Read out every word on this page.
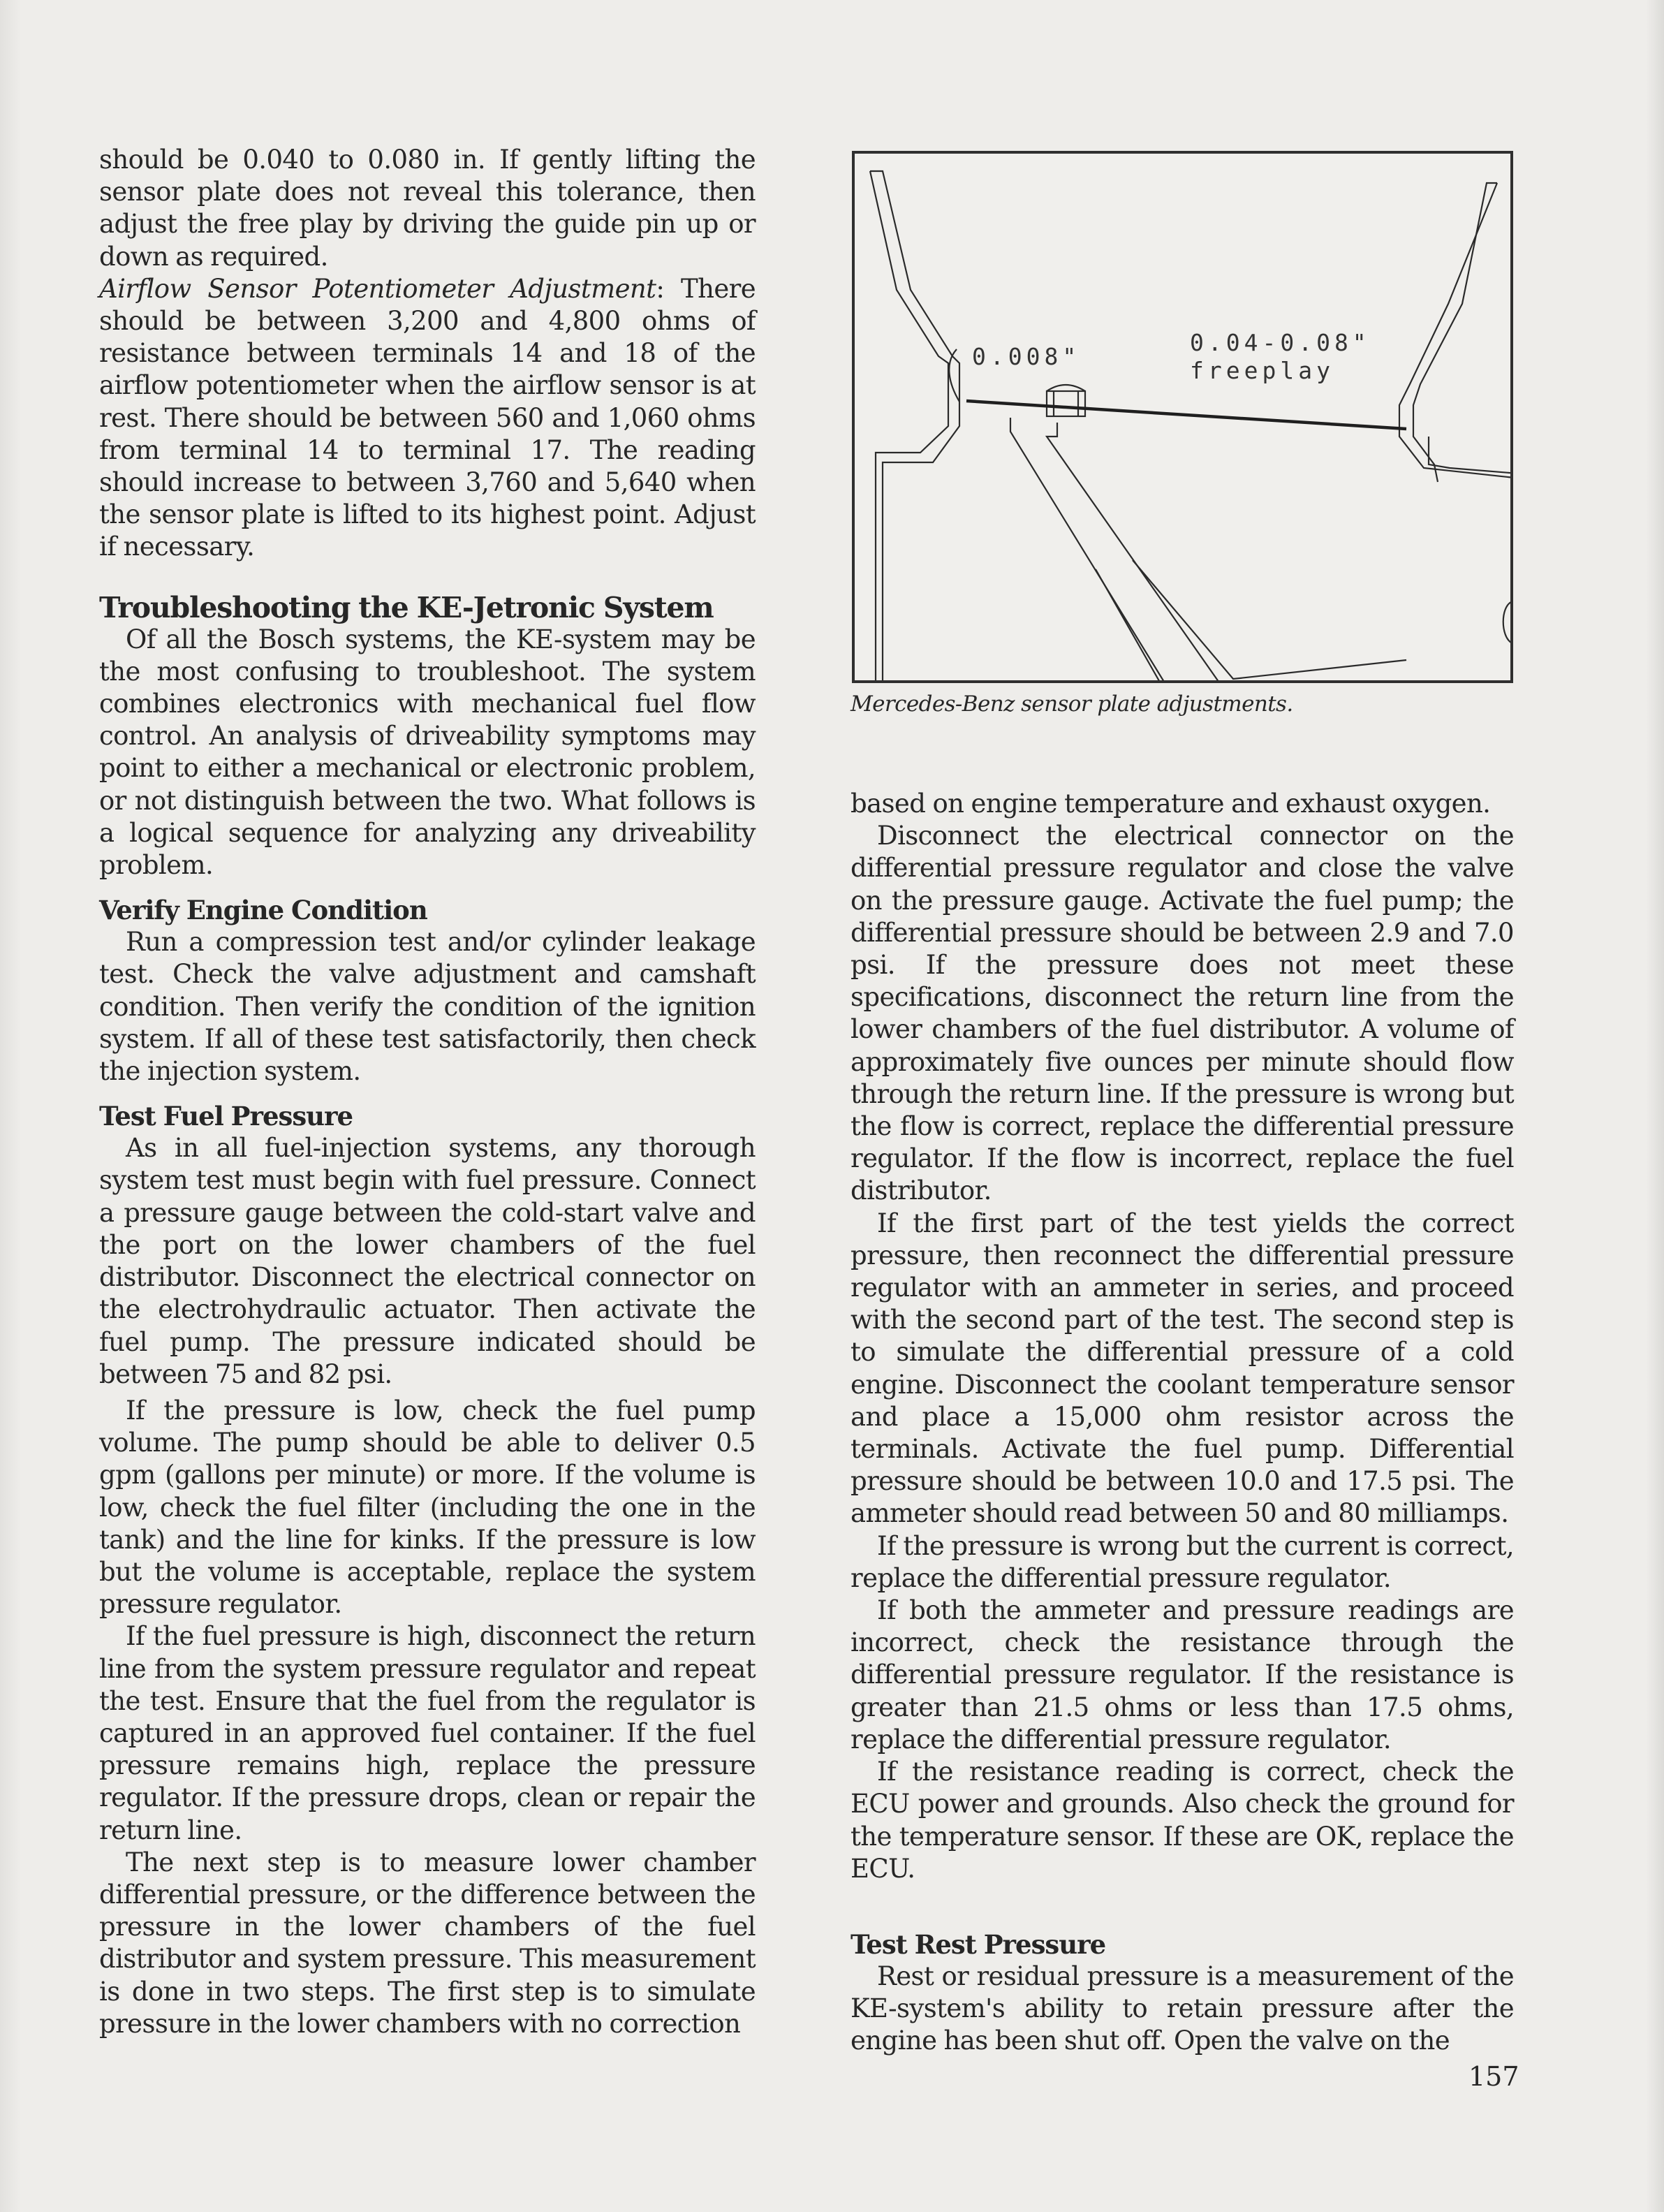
should be 0.040 to 0.080 in. If gently lifting the sensor plate does not reveal this tolerance, then adjust the free play by driving the guide pin up or down as required.

Airflow Sensor Potentiometer Adjustment: There should be between 3,200 and 4,800 ohms of resistance between terminals 14 and 18 of the airflow potentiometer when the airflow sensor is at rest. There should be between 560 and 1,060 ohms from terminal 14 to terminal 17. The reading should increase to between 3,760 and 5,640 when the sensor plate is lifted to its highest point. Adjust if necessary.

Troubleshooting the KE-Jetronic System

Of all the Bosch systems, the KE-system may be the most confusing to troubleshoot. The system combines electronics with mechanical fuel flow control. An analysis of driveability symptoms may point to either a mechanical or electronic problem, or not distinguish between the two. What follows is a logical sequence for analyzing any driveability problem.

Verify Engine Condition

Run a compression test and/or cylinder leakage test. Check the valve adjustment and camshaft condition. Then verify the condition of the ignition system. If all of these test satisfactorily, then check the injection system.

Test Fuel Pressure

As in all fuel-injection systems, any thorough system test must begin with fuel pressure. Connect a pressure gauge between the cold-start valve and the port on the lower chambers of the fuel distributor. Disconnect the electrical connector on the electrohydraulic actuator. Then activate the fuel pump. The pressure indicated should be between 75 and 82 psi.

If the pressure is low, check the fuel pump volume. The pump should be able to deliver 0.5 gpm (gallons per minute) or more. If the volume is low, check the fuel filter (including the one in the tank) and the line for kinks. If the pressure is low but the volume is acceptable, replace the system pressure regulator.

If the fuel pressure is high, disconnect the return line from the system pressure regulator and repeat the test. Ensure that the fuel from the regulator is captured in an approved fuel container. If the fuel pressure remains high, replace the pressure regulator. If the pressure drops, clean or repair the return line.

The next step is to measure lower chamber differential pressure, or the difference between the pressure in the lower chambers of the fuel distributor and system pressure. This measurement is done in two steps. The first step is to simulate pressure in the lower chambers with no correction

0.008"
0.04-0.08"
freeplay
Mercedes-Benz sensor plate adjustments.

based on engine temperature and exhaust oxygen.

Disconnect the electrical connector on the differential pressure regulator and close the valve on the pressure gauge. Activate the fuel pump; the differential pressure should be between 2.9 and 7.0 psi. If the pressure does not meet these specifications, disconnect the return line from the lower chambers of the fuel distributor. A volume of approximately five ounces per minute should flow through the return line. If the pressure is wrong but the flow is correct, replace the differential pressure regulator. If the flow is incorrect, replace the fuel distributor.

If the first part of the test yields the correct pressure, then reconnect the differential pressure regulator with an ammeter in series, and proceed with the second part of the test. The second step is to simulate the differential pressure of a cold engine. Disconnect the coolant temperature sensor and place a 15,000 ohm resistor across the terminals. Activate the fuel pump. Differential pressure should be between 10.0 and 17.5 psi. The ammeter should read between 50 and 80 milliamps.

If the pressure is wrong but the current is correct, replace the differential pressure regulator.

If both the ammeter and pressure readings are incorrect, check the resistance through the differential pressure regulator. If the resistance is greater than 21.5 ohms or less than 17.5 ohms, replace the differential pressure regulator.

If the resistance reading is correct, check the ECU power and grounds. Also check the ground for the temperature sensor. If these are OK, replace the ECU.

Test Rest Pressure

Rest or residual pressure is a measurement of the KE-system's ability to retain pressure after the engine has been shut off. Open the valve on the

157
